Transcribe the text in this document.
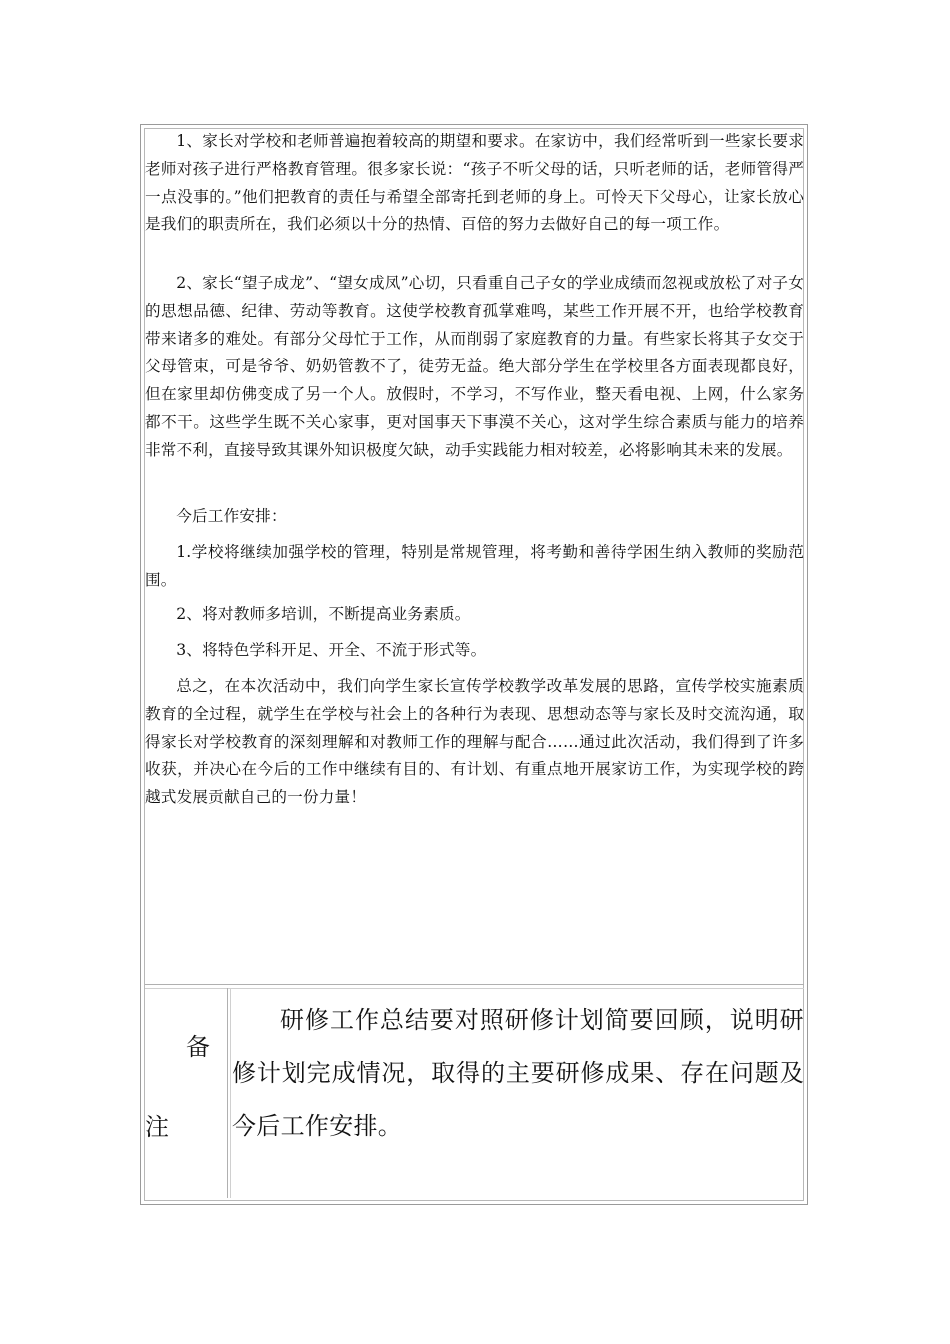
1、家长对学校和老师普遍抱着较高的期望和要求。在家访中，我们经常听到一些家长要求老师对孩子进行严格教育管理。很多家长说：“孩子不听父母的话，只听老师的话，老师管得严一点没事的。”他们把教育的责任与希望全部寄托到老师的身上。可怜天下父母心，让家长放心是我们的职责所在，我们必须以十分的热情、百倍的努力去做好自己的每一项工作。

2、家长“望子成龙”、“望女成凤”心切，只看重自己子女的学业成绩而忽视或放松了对子女的思想品德、纪律、劳动等教育。这使学校教育孤掌难鸣，某些工作开展不开，也给学校教育带来诸多的难处。有部分父母忙于工作，从而削弱了家庭教育的力量。有些家长将其子女交于父母管束，可是爷爷、奶奶管教不了，徒劳无益。绝大部分学生在学校里各方面表现都良好，但在家里却仿佛变成了另一个人。放假时，不学习，不写作业，整天看电视、上网，什么家务都不干。这些学生既不关心家事，更对国事天下事漠不关心，这对学生综合素质与能力的培养非常不利，直接导致其课外知识极度欠缺，动手实践能力相对较差，必将影响其未来的发展。

今后工作安排：

1.学校将继续加强学校的管理，特别是常规管理，将考勤和善待学困生纳入教师的奖励范围。

2、将对教师多培训，不断提高业务素质。

3、将特色学科开足、开全、不流于形式等。

总之，在本次活动中，我们向学生家长宣传学校教学改革发展的思路，宣传学校实施素质教育的全过程，就学生在学校与社会上的各种行为表现、思想动态等与家长及时交流沟通，取得家长对学校教育的深刻理解和对教师工作的理解与配合……通过此次活动，我们得到了许多收获，并决心在今后的工作中继续有目的、有计划、有重点地开展家访工作，为实现学校的跨越式发展贡献自己的一份力量！

备
注

研修工作总结要对照研修计划简要回顾，说明研修计划完成情况，取得的主要研修成果、存在问题及今后工作安排。
